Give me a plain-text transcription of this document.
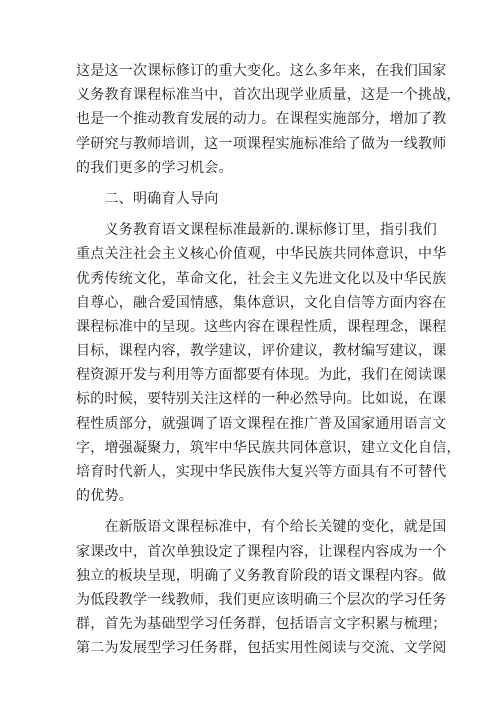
这是这一次课标修订的重大变化。这么多年来，在我们国家
义务教育课程标准当中，首次出现学业质量，这是一个挑战，
也是一个推动教育发展的动力。在课程实施部分，增加了教
学研究与教师培训，这一项课程实施标准给了做为一线教师
的我们更多的学习机会。
　　二、明确育人导向
　　义务教育语文课程标准最新的.课标修订里，指引我们
重点关注社会主义核心价值观，中华民族共同体意识，中华
优秀传统文化，革命文化，社会主义先进文化以及中华民族
自尊心，融合爱国情感，集体意识，文化自信等方面内容在
课程标准中的呈现。这些内容在课程性质，课程理念，课程
目标，课程内容，教学建议，评价建议，教材编写建议，课
程资源开发与利用等方面都要有体现。为此，我们在阅读课
标的时候，要特别关注这样的一种必然导向。比如说，在课
程性质部分，就强调了语文课程在推广普及国家通用语言文
字，增强凝聚力，筑牢中华民族共同体意识，建立文化自信，
培育时代新人，实现中华民族伟大复兴等方面具有不可替代
的优势。
　　在新版语文课程标准中，有个给长关键的变化，就是国
家课改中，首次单独设定了课程内容，让课程内容成为一个
独立的板块呈现，明确了义务教育阶段的语文课程内容。做
为低段教学一线教师，我们更应该明确三个层次的学习任务
群，首先为基础型学习任务群，包括语言文字积累与梳理；
第二为发展型学习任务群，包括实用性阅读与交流、文学阅
